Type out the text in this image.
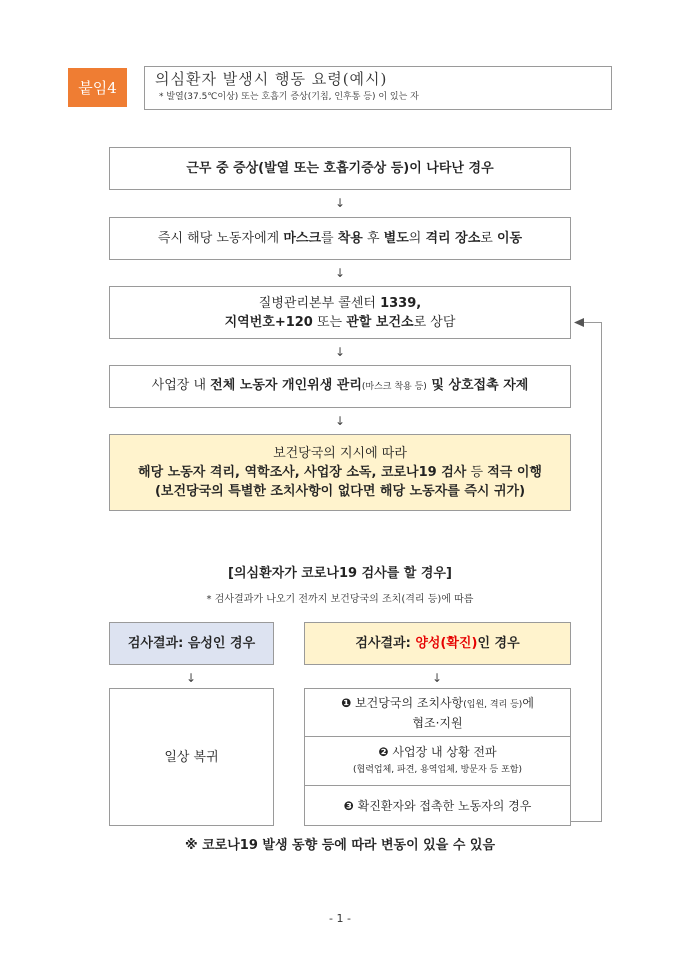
붙임4	의심환자 발생시 행동 요령(예시)
* 발열(37.5℃이상) 또는 호흡기 증상(기침, 인후통 등) 이 있는 자
근무 중 증상(발열 또는 호흡기증상 등)이 나타난 경우
↓
즉시 해당 노동자에게 마스크를 착용 후 별도의 격리 장소로 이동
↓
질병관리본부 콜센터 1339,
지역번호+120 또는 관할 보건소로 상담
↓
사업장 내 전체 노동자 개인위생 관리(마스크 착용 등) 및 상호접촉 자제
↓
보건당국의 지시에 따라
해당 노동자 격리, 역학조사, 사업장 소독, 코로나19 검사 등 적극 이행
(보건당국의 특별한 조치사항이 없다면 해당 노동자를 즉시 귀가)
[의심환자가 코로나19 검사를 할 경우]
* 검사결과가 나오기 전까지 보건당국의 조치(격리 등)에 따름
검사결과: 음성인 경우	검사결과: 양성(확진)인 경우
↓	↓
일상 복귀
❶ 보건당국의 조치사항(입원, 격리 등)에
협조·지원
❷ 사업장 내 상황 전파
(협력업체, 파견, 용역업체, 방문자 등 포함)
❸ 확진환자와 접촉한 노동자의 경우
※ 코로나19 발생 동향 등에 따라 변동이 있을 수 있음
- 1 -
